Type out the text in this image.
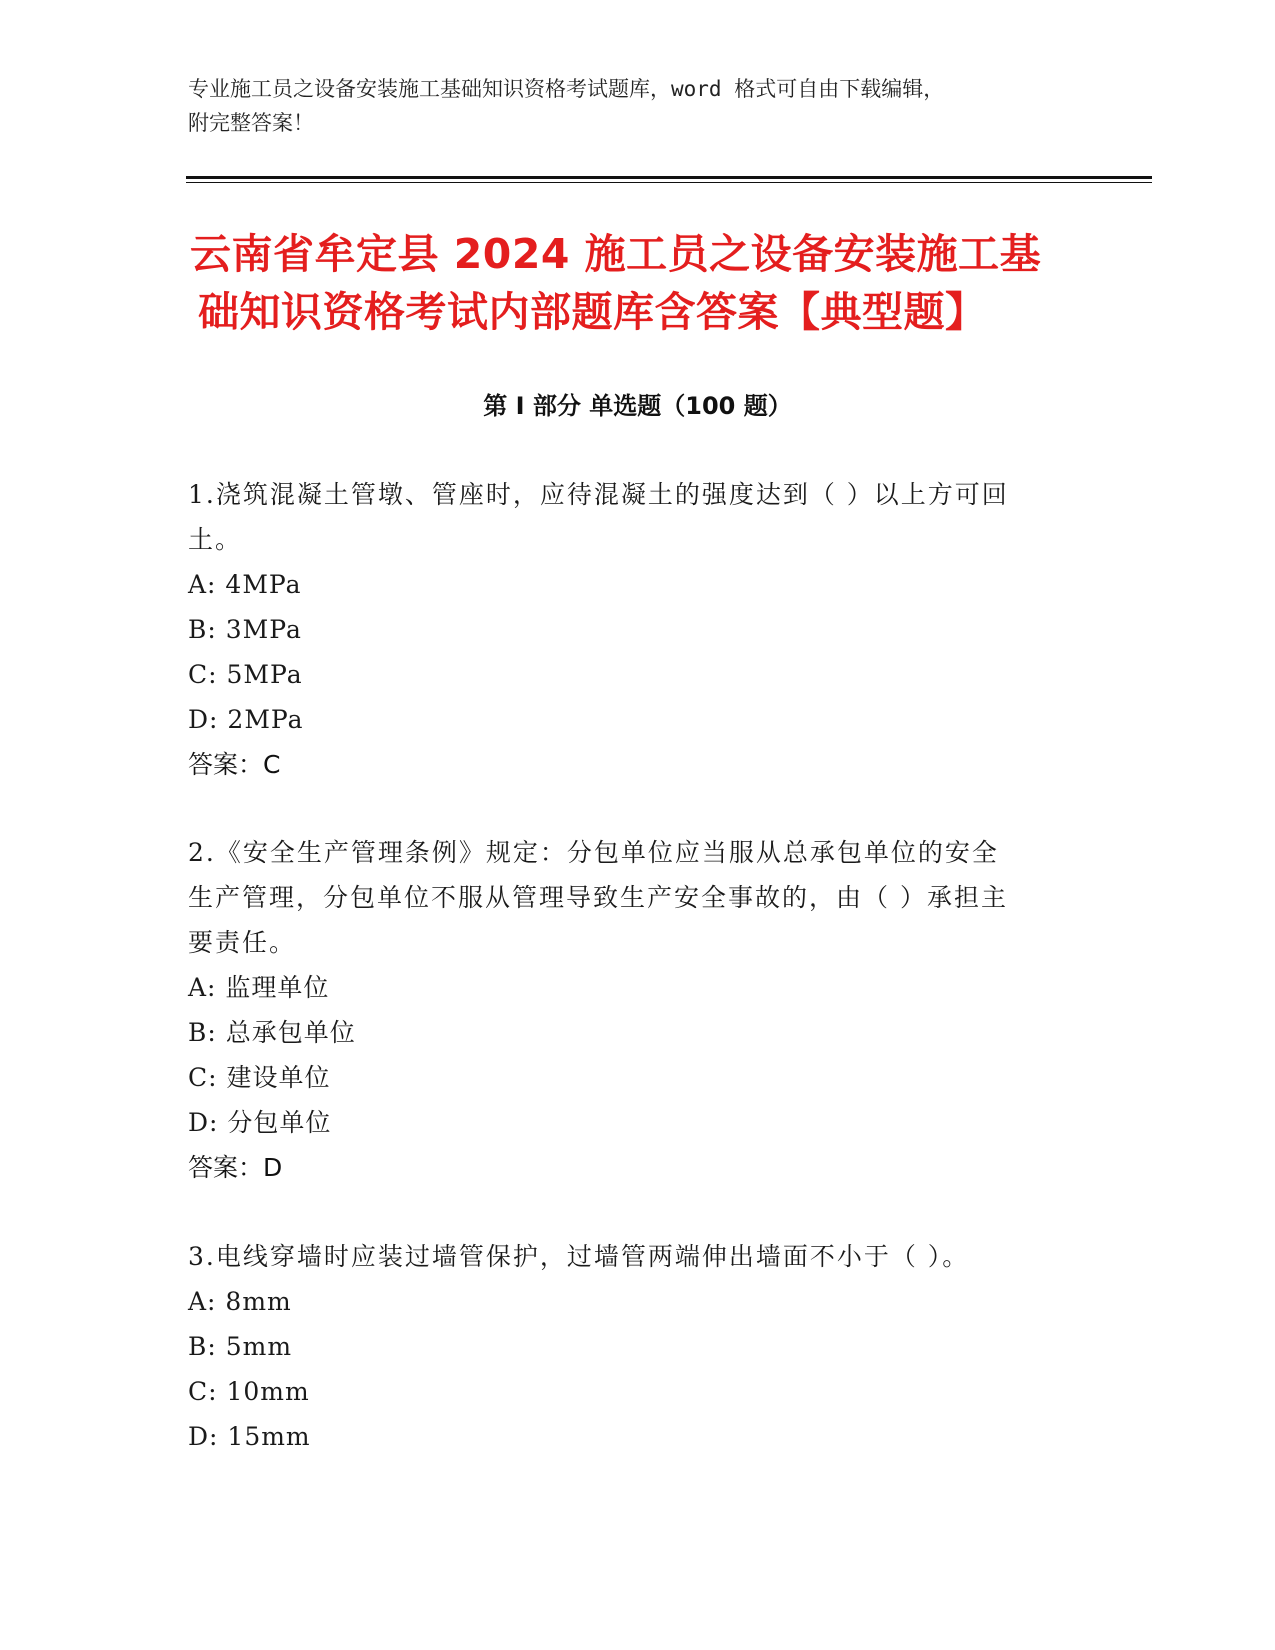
专业施工员之设备安装施工基础知识资格考试题库，word 格式可自由下载编辑，
附完整答案！
云南省牟定县 2024 施工员之设备安装施工基
础知识资格考试内部题库含答案【典型题】
第 I 部分 单选题（100 题）
1.浇筑混凝土管墩、管座时，应待混凝土的强度达到（ ）以上方可回
土。
A: 4MPa
B: 3MPa
C: 5MPa
D: 2MPa
答案：C
2.《安全生产管理条例》规定：分包单位应当服从总承包单位的安全
生产管理，分包单位不服从管理导致生产安全事故的，由（ ）承担主
要责任。
A: 监理单位
B: 总承包单位
C: 建设单位
D: 分包单位
答案：D
3.电线穿墙时应装过墙管保护，过墙管两端伸出墙面不小于（ ）。
A: 8mm
B: 5mm
C: 10mm
D: 15mm
